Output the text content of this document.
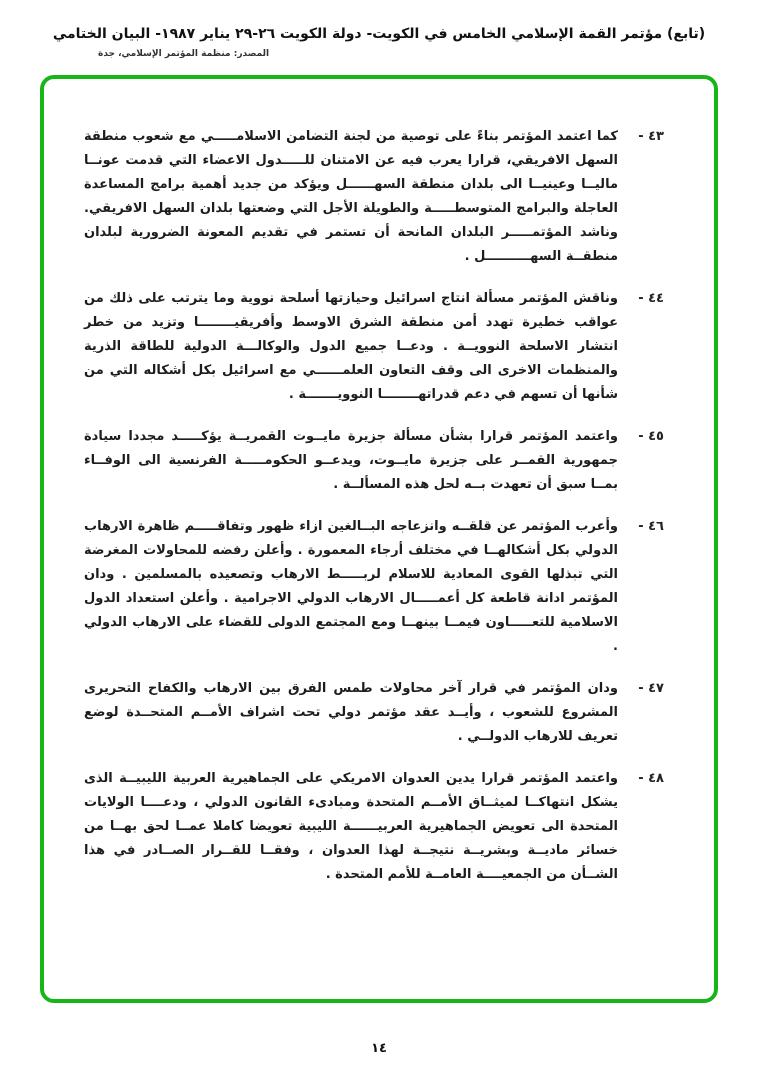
(تابع) مؤتمر القمة الإسلامي الخامس في الكويت- دولة الكويت ٢٦-٢٩ يناير ١٩٨٧- البيان الختامي
المصدر: منظمة المؤتمر الإسلامي، جدة
٤٣ -
كما اعتمد المؤتمر بناءً على توصية من لجنة التضامن الاسلامـــــي مع شعوب منطقة السهل الافريقي، قرارا يعرب فيه عن الامتنان للـــــدول الاعضاء التي قدمت عونــا ماليــا وعينيــا الى بلدان منطقة السهــــــل ويؤكد من جديد أهمية برامج المساعدة العاجلة والبرامج المتوسطـــــة والطويلة الأجل التي وضعتها بلدان السهل الافريقي. وناشد المؤتمـــــر البلدان المانحة أن تستمر في تقديم المعونة الضرورية لبلدان منطقــة السهــــــــــل .
٤٤ -
وناقش المؤتمر مسألة انتاج اسرائيل وحيازتها أسلحة نووية وما يترتب على ذلك من عواقب خطيرة تهدد أمن منطقة الشرق الاوسط وأفريقيــــــــا وتزيد من خطر انتشار الاسلحة النوويــة . ودعــا جميع الدول والوكالـــة الدولية للطاقة الذرية والمنظمات الاخرى الى وقف التعاون العلمــــــي مع اسرائيل بكل أشكاله التي من شأنها أن تسهم في دعم قدراتهــــــــا النوويـــــــة .
٤٥ -
واعتمد المؤتمر قرارا بشأن مسألة جزيرة مايــوت القمريــة يؤكـــــد مجددا سيادة جمهورية القمــر على جزيرة مايــوت، ويدعــو الحكومـــــة الفرنسية الى الوفــاء بمــا سبق أن تعهدت بــه لحل هذه المسألــة .
٤٦ -
وأعرب المؤتمر عن قلقــه وانزعاجه البــالغين ازاء ظهور وتفاقـــــم ظاهرة الارهاب الدولي بكل أشكالهــا في مختلف أرجاء المعمورة . وأعلن رفضه للمحاولات المغرضة التي تبذلها القوى المعادية للاسلام لربـــــط الارهاب وتصعيده بالمسلمين . ودان المؤتمر ادانة قاطعة كل أعمـــــال الارهاب الدولي الاجرامية . وأعلن استعداد الدول الاسلامية للتعـــــاون فيمــا بينهــا ومع المجتمع الدولى للقضاء على الارهاب الدولي .
٤٧ -
ودان المؤتمر في قرار آخر محاولات طمس الفرق بين الارهاب والكفاح التحريرى المشروع للشعوب ، وأيــد عقد مؤتمر دولي تحت اشراف الأمــم المتحــدة لوضع تعريف للارهاب الدولــي .
٤٨ -
واعتمد المؤتمر قرارا يدين العدوان الامريكي على الجماهيرية العربية الليبيــة الذى يشكل انتهاكــا لميثــاق الأمــم المتحدة ومبادىء القانون الدولي ، ودعــــا الولايات المتحدة الى تعويض الجماهيرية العربيــــــة الليبية تعويضا كاملا عمــا لحق بهــا من خسائر ماديــة وبشريــة نتيجــة لهذا العدوان ، وفقــا للقــرار الصــادر في هذا الشــأن من الجمعيــــة العامــة للأمم المتحدة .
١٤
